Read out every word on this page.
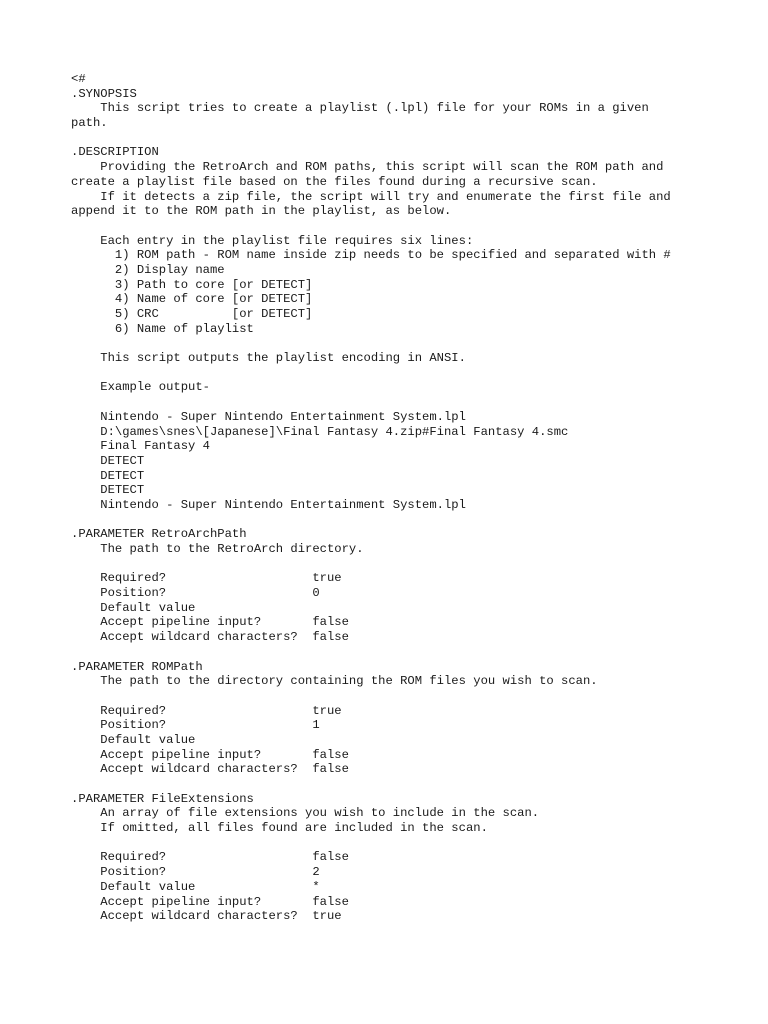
<#
.SYNOPSIS
This script tries to create a playlist (.lpl) file for your ROMs in a given
path.
.DESCRIPTION
Providing the RetroArch and ROM paths, this script will scan the ROM path and
create a playlist file based on the files found during a recursive scan.
If it detects a zip file, the script will try and enumerate the first file and
append it to the ROM path in the playlist, as below.
Each entry in the playlist file requires six lines:
1) ROM path - ROM name inside zip needs to be specified and separated with #
2) Display name
3) Path to core [or DETECT]
4) Name of core [or DETECT]
5) CRC          [or DETECT]
6) Name of playlist
This script outputs the playlist encoding in ANSI.
Example output-
Nintendo - Super Nintendo Entertainment System.lpl
D:\games\snes\[Japanese]\Final Fantasy 4.zip#Final Fantasy 4.smc
Final Fantasy 4
DETECT
DETECT
DETECT
Nintendo - Super Nintendo Entertainment System.lpl
.PARAMETER RetroArchPath
The path to the RetroArch directory.
Required?                    true
Position?                    0
Default value
Accept pipeline input?       false
Accept wildcard characters?  false
.PARAMETER ROMPath
The path to the directory containing the ROM files you wish to scan.
Required?                    true
Position?                    1
Default value
Accept pipeline input?       false
Accept wildcard characters?  false
.PARAMETER FileExtensions
An array of file extensions you wish to include in the scan.
If omitted, all files found are included in the scan.
Required?                    false
Position?                    2
Default value                *
Accept pipeline input?       false
Accept wildcard characters?  true
